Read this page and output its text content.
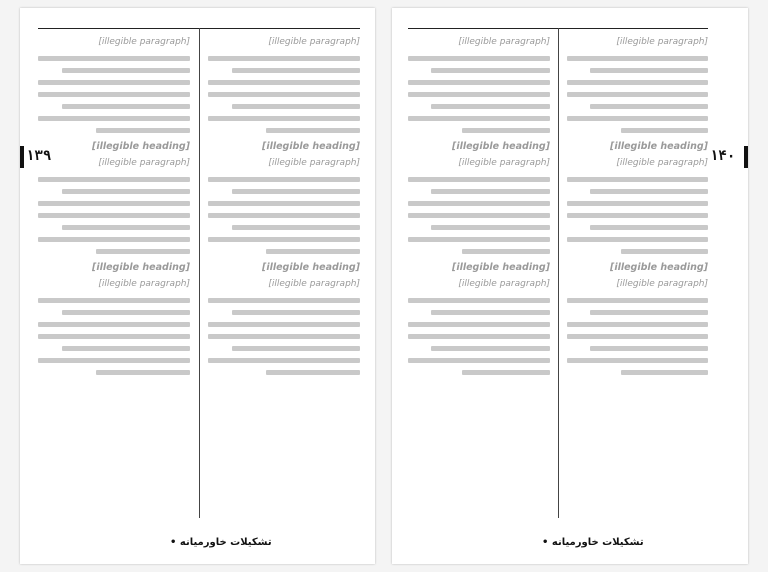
[illegible paragraph]

[illegible heading]

[illegible paragraph]

[illegible heading]

[illegible paragraph]

[illegible paragraph]

[illegible heading]

[illegible paragraph]

[illegible heading]

[illegible paragraph]

۱۳۹
• تشکیلات خاورمیانه

[illegible paragraph]

[illegible heading]

[illegible paragraph]

[illegible heading]

[illegible paragraph]

[illegible paragraph]

[illegible heading]

[illegible paragraph]

[illegible heading]

[illegible paragraph]

۱۴۰
• تشکیلات خاورمیانه
